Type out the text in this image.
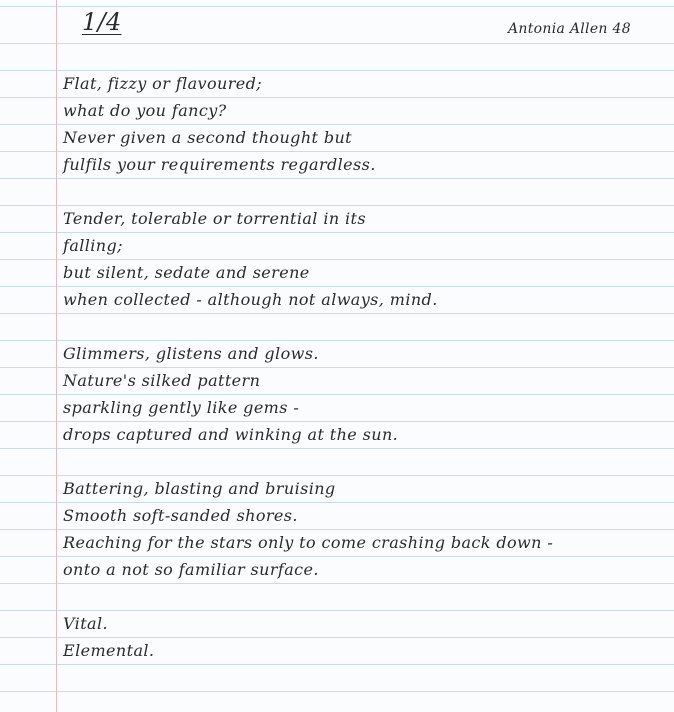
1/4	Antonia Allen 48
Flat, fizzy or flavoured;
what do you fancy?
Never given a second thought but
fulfils your requirements regardless.
Tender, tolerable or torrential in its
falling;
but silent, sedate and serene
when collected - although not always, mind.
Glimmers, glistens and glows.
Nature's silked pattern
sparkling gently like gems -
drops captured and winking at the sun.
Battering, blasting and bruising
Smooth soft-sanded shores.
Reaching for the stars only to come crashing back down -
onto a not so familiar surface.
Vital.
Elemental.
